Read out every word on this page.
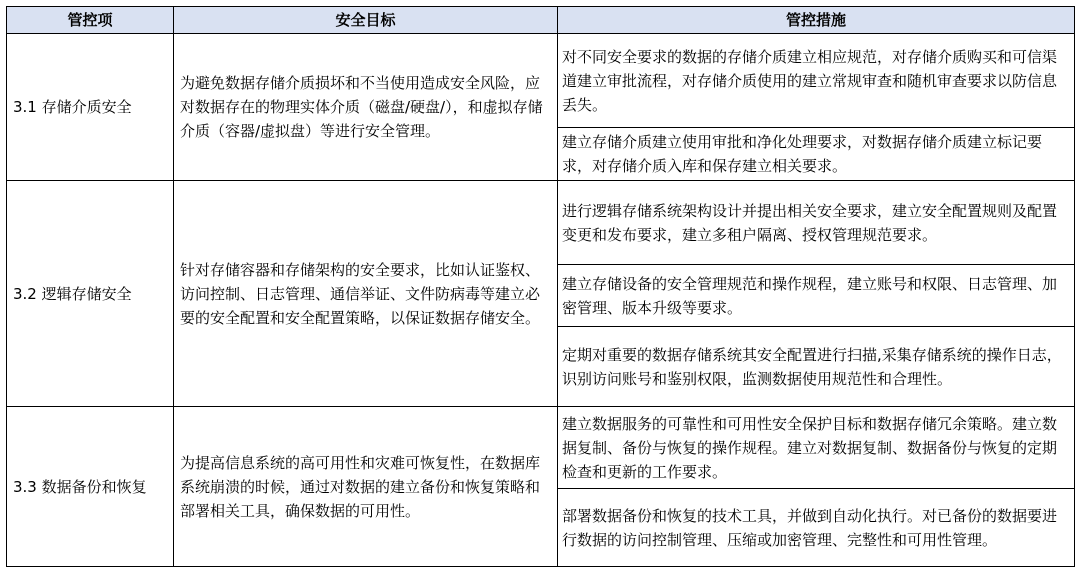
管控项	安全目标	管控措施
3.1 存储介质安全	为避免数据存储介质损坏和不当使用造成安全风险，应对数据存在的物理实体介质（磁盘/硬盘/），和虚拟存储介质（容器/虚拟盘）等进行安全管理。	对不同安全要求的数据的存储介质建立相应规范，对存储介质购买和可信渠道建立审批流程，对存储介质使用的建立常规审查和随机审查要求以防信息丢失。
		建立存储介质建立使用审批和净化处理要求，对数据存储介质建立标记要求，对存储介质入库和保存建立相关要求。
3.2 逻辑存储安全	针对存储容器和存储架构的安全要求，比如认证鉴权、访问控制、日志管理、通信举证、文件防病毒等建立必要的安全配置和安全配置策略，以保证数据存储安全。	进行逻辑存储系统架构设计并提出相关安全要求，建立安全配置规则及配置变更和发布要求，建立多租户隔离、授权管理规范要求。
		建立存储设备的安全管理规范和操作规程，建立账号和权限、日志管理、加密管理、版本升级等要求。
		定期对重要的数据存储系统其安全配置进行扫描,采集存储系统的操作日志，识别访问账号和鉴别权限，监测数据使用规范性和合理性。
3.3 数据备份和恢复	为提高信息系统的高可用性和灾难可恢复性，在数据库系统崩溃的时候，通过对数据的建立备份和恢复策略和部署相关工具，确保数据的可用性。	建立数据服务的可靠性和可用性安全保护目标和数据存储冗余策略。建立数据复制、备份与恢复的操作规程。建立对数据复制、数据备份与恢复的定期检查和更新的工作要求。
		部署数据备份和恢复的技术工具，并做到自动化执行。对已备份的数据要进行数据的访问控制管理、压缩或加密管理、完整性和可用性管理。
